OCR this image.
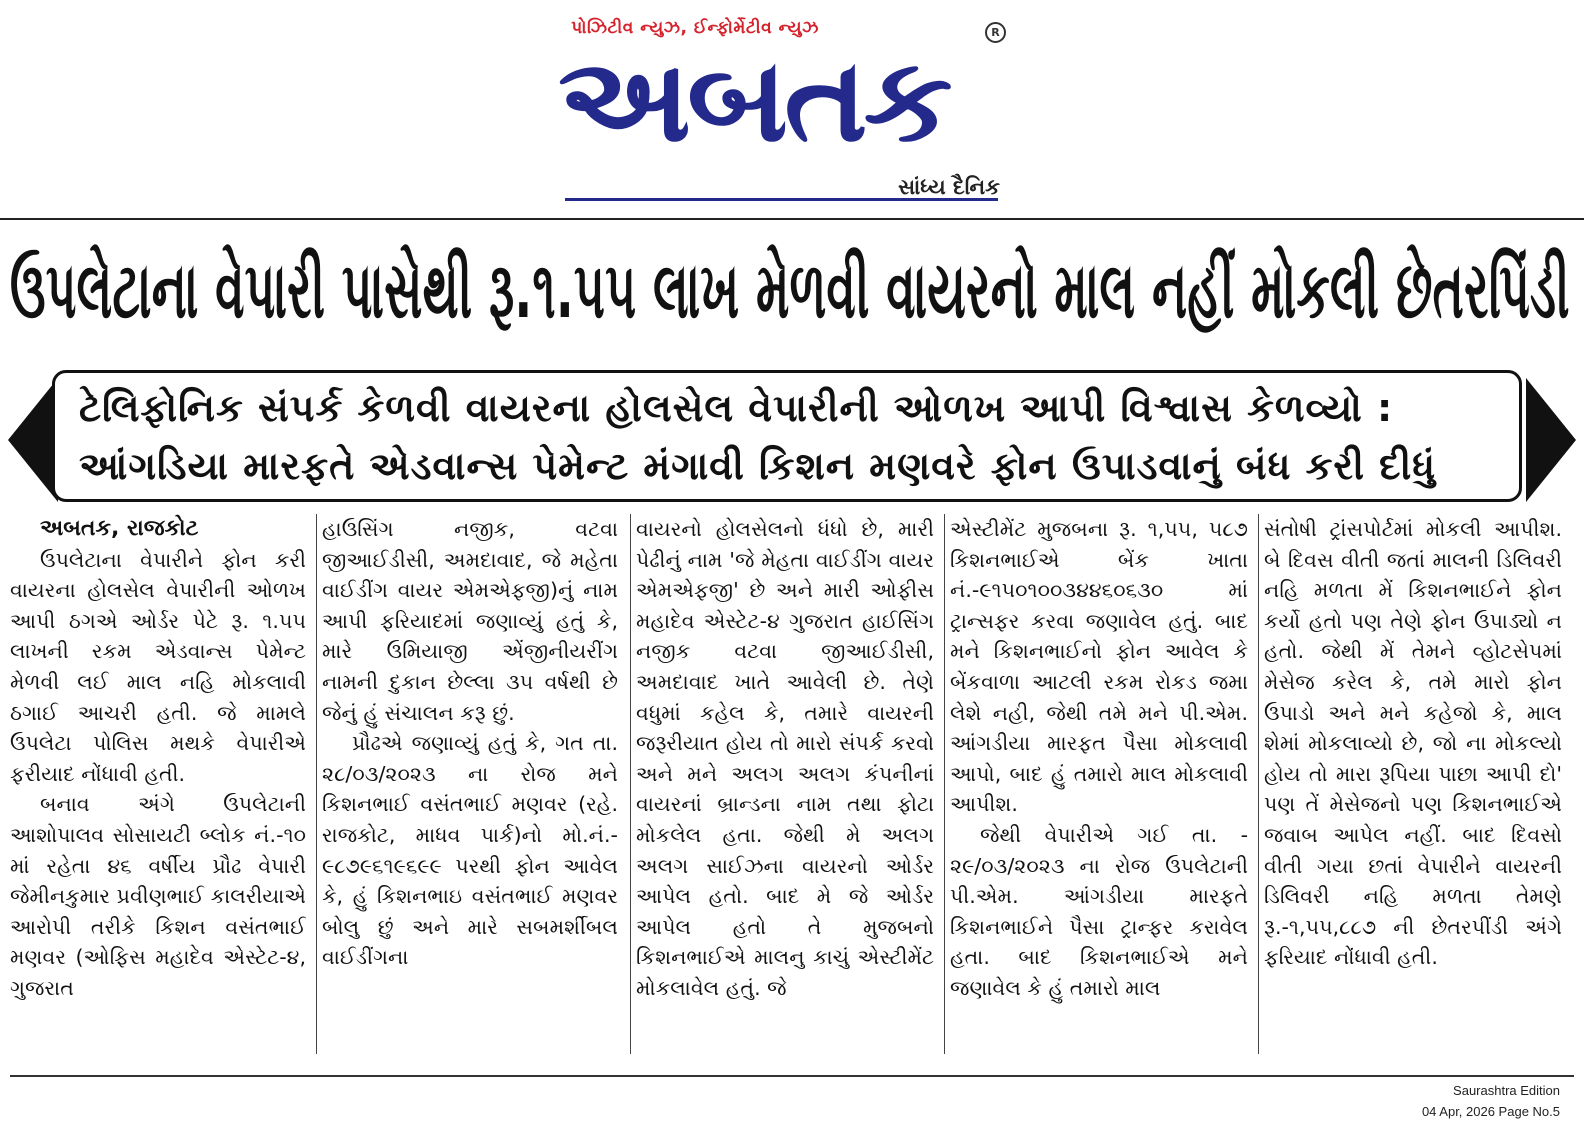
પોઝિટીવ ન્યુઝ, ઈન્ફોર્મેટીવ ન્યુઝ
અબતક	R
સાંધ્ય દૈનિક
ઉપલેટાના વેપારી પાસેથી રૂ.૧.૫૫ લાખ મેળવી વાયરનો માલ નહીં મોકલી છેતરપિંડી
ટેલિફોનિક સંપર્ક કેળવી વાયરના હોલસેલ વેપારીની ઓળખ આપી વિશ્વાસ કેળવ્યો :
આંગડિયા મારફતે એડવાન્સ પેમેન્ટ મંગાવી કિશન મણવરે ફોન ઉપાડવાનું બંધ કરી દીધું

અબતક, રાજકોટ

ઉપલેટાના વેપારીને ફોન કરી વાયરના હોલસેલ વેપારીની ઓળખ આપી ઠગએ ઓર્ડર પેટે રૂ. ૧.૫૫ લાખની રકમ એડવાન્સ પેમેન્ટ મેળવી લઈ માલ નહિ મોકલાવી ઠગાઈ આચરી હતી. જે મામલે ઉપલેટા પોલિસ મથકે વેપારીએ ફરીયાદ નોંધાવી હતી.

બનાવ અંગે ઉપલેટાની આશોપાલવ સોસાયટી બ્લોક નં.-૧૦ માં રહેતા ૪૬ વર્ષીય પ્રૌઢ વેપારી જેમીનકુમાર પ્રવીણભાઈ કાલરીયાએ આરોપી તરીકે કિશન વસંતભાઈ મણવર (ઓફિસ મહાદેવ એસ્ટેટ-૪, ગુજરાત

હાઉસિંગ નજીક, વટવા જીઆઈડીસી, અમદાવાદ, જે મહેતા વાઈડીંગ વાયર એમએફજી)નું નામ આપી ફરિયાદમાં જણાવ્યું હતું કે, મારે ઉમિયાજી એંજીનીયરીંગ નામની દુકાન છેલ્લા ૩૫ વર્ષથી છે જેનું હું સંચાલન કરૂ છું.

પ્રૌઢએ જણાવ્યું હતું કે, ગત તા. ૨૮/૦૩/૨૦૨૩ ના રોજ મને કિશનભાઈ વસંતભાઈ મણવર (રહે. રાજકોટ, માધવ પાર્ક)નો મો.નં.- ૯૮૭૯૬૧૯૬૯૯ પરથી ફોન આવેલ કે, હું કિશનભાઇ વસંતભાઈ મણવર બોલુ છું અને મારે સબમર્શીબલ વાઈડીંગના

વાયરનો હોલસેલનો ધંધો છે, મારી પેઢીનું નામ 'જે મેહતા વાઈડીંગ વાયર એમએફજી' છે અને મારી ઓફીસ મહાદેવ એસ્ટેટ-૪ ગુજરાત હાઈસિંગ નજીક વટવા જીઆઈડીસી, અમદાવાદ ખાતે આવેલી છે. તેણે વધુમાં કહેલ કે, તમારે વાયરની જરૂરીયાત હોય તો મારો સંપર્ક કરવો અને મને અલગ અલગ કંપનીનાં વાયરનાં બ્રાન્ડના નામ તથા ફોટા મોકલેલ હતા. જેથી મે અલગ અલગ સાઈઝના વાયરનો ઓર્ડર આપેલ હતો. બાદ મે જે ઓર્ડર આપેલ હતો તે મુજબનો કિશનભાઈએ માલનુ કાચું એસ્ટીમેંટ મોકલાવેલ હતું. જે

એસ્ટીમેંટ મુજબના રૂ. ૧,૫૫, ૫૮૭ કિશનભાઈએ બેંક ખાતા નં.-૯૧૫૦૧૦૦૩૪૪૬૦૬૩૦ માં ટ્રાન્સફર કરવા જણાવેલ હતું. બાદ મને કિશનભાઈનો ફોન આવેલ કે બેંકવાળા આટલી રકમ રોકડ જમા લેશે નહી, જેથી તમે મને પી.એમ. આંગડીયા મારફત પૈસા મોકલાવી આપો, બાદ હું તમારો માલ મોકલાવી આપીશ.

જેથી વેપારીએ ગઈ તા. - ૨૯/૦૩/૨૦૨૩ ના રોજ ઉપલેટાની પી.એમ. આંગડીયા મારફતે કિશનભાઈને પૈસા ટ્રાન્ફર કરાવેલ હતા. બાદ કિશનભાઈએ મને જણાવેલ કે હું તમારો માલ

સંતોષી ટ્રાંસપોર્ટમાં મોકલી આપીશ. બે દિવસ વીતી જતાં માલની ડિલિવરી નહિ મળતા મેં કિશનભાઈને ફોન કર્યો હતો પણ તેણે ફોન ઉપાડ્યો ન હતો. જેથી મેં તેમને વ્હોટસેપમાં મેસેજ કરેલ કે, તમે મારો ફોન ઉપાડો અને મને કહેજો કે, માલ શેમાં મોકલાવ્યો છે, જો ના મોકલ્યો હોય તો મારા રૂપિયા પાછા આપી દો' પણ તેં મેસેજનો પણ કિશનભાઈએ જવાબ આપેલ નહીં. બાદ દિવસો વીતી ગયા છતાં વેપારીને વાયરની ડિલિવરી નહિ મળતા તેમણે રૂ.-૧,૫૫,૮૮૭ ની છેતરપીંડી અંગે ફરિયાદ નોંધાવી હતી.

Saurashtra Edition
04 Apr, 2026 Page No.5
